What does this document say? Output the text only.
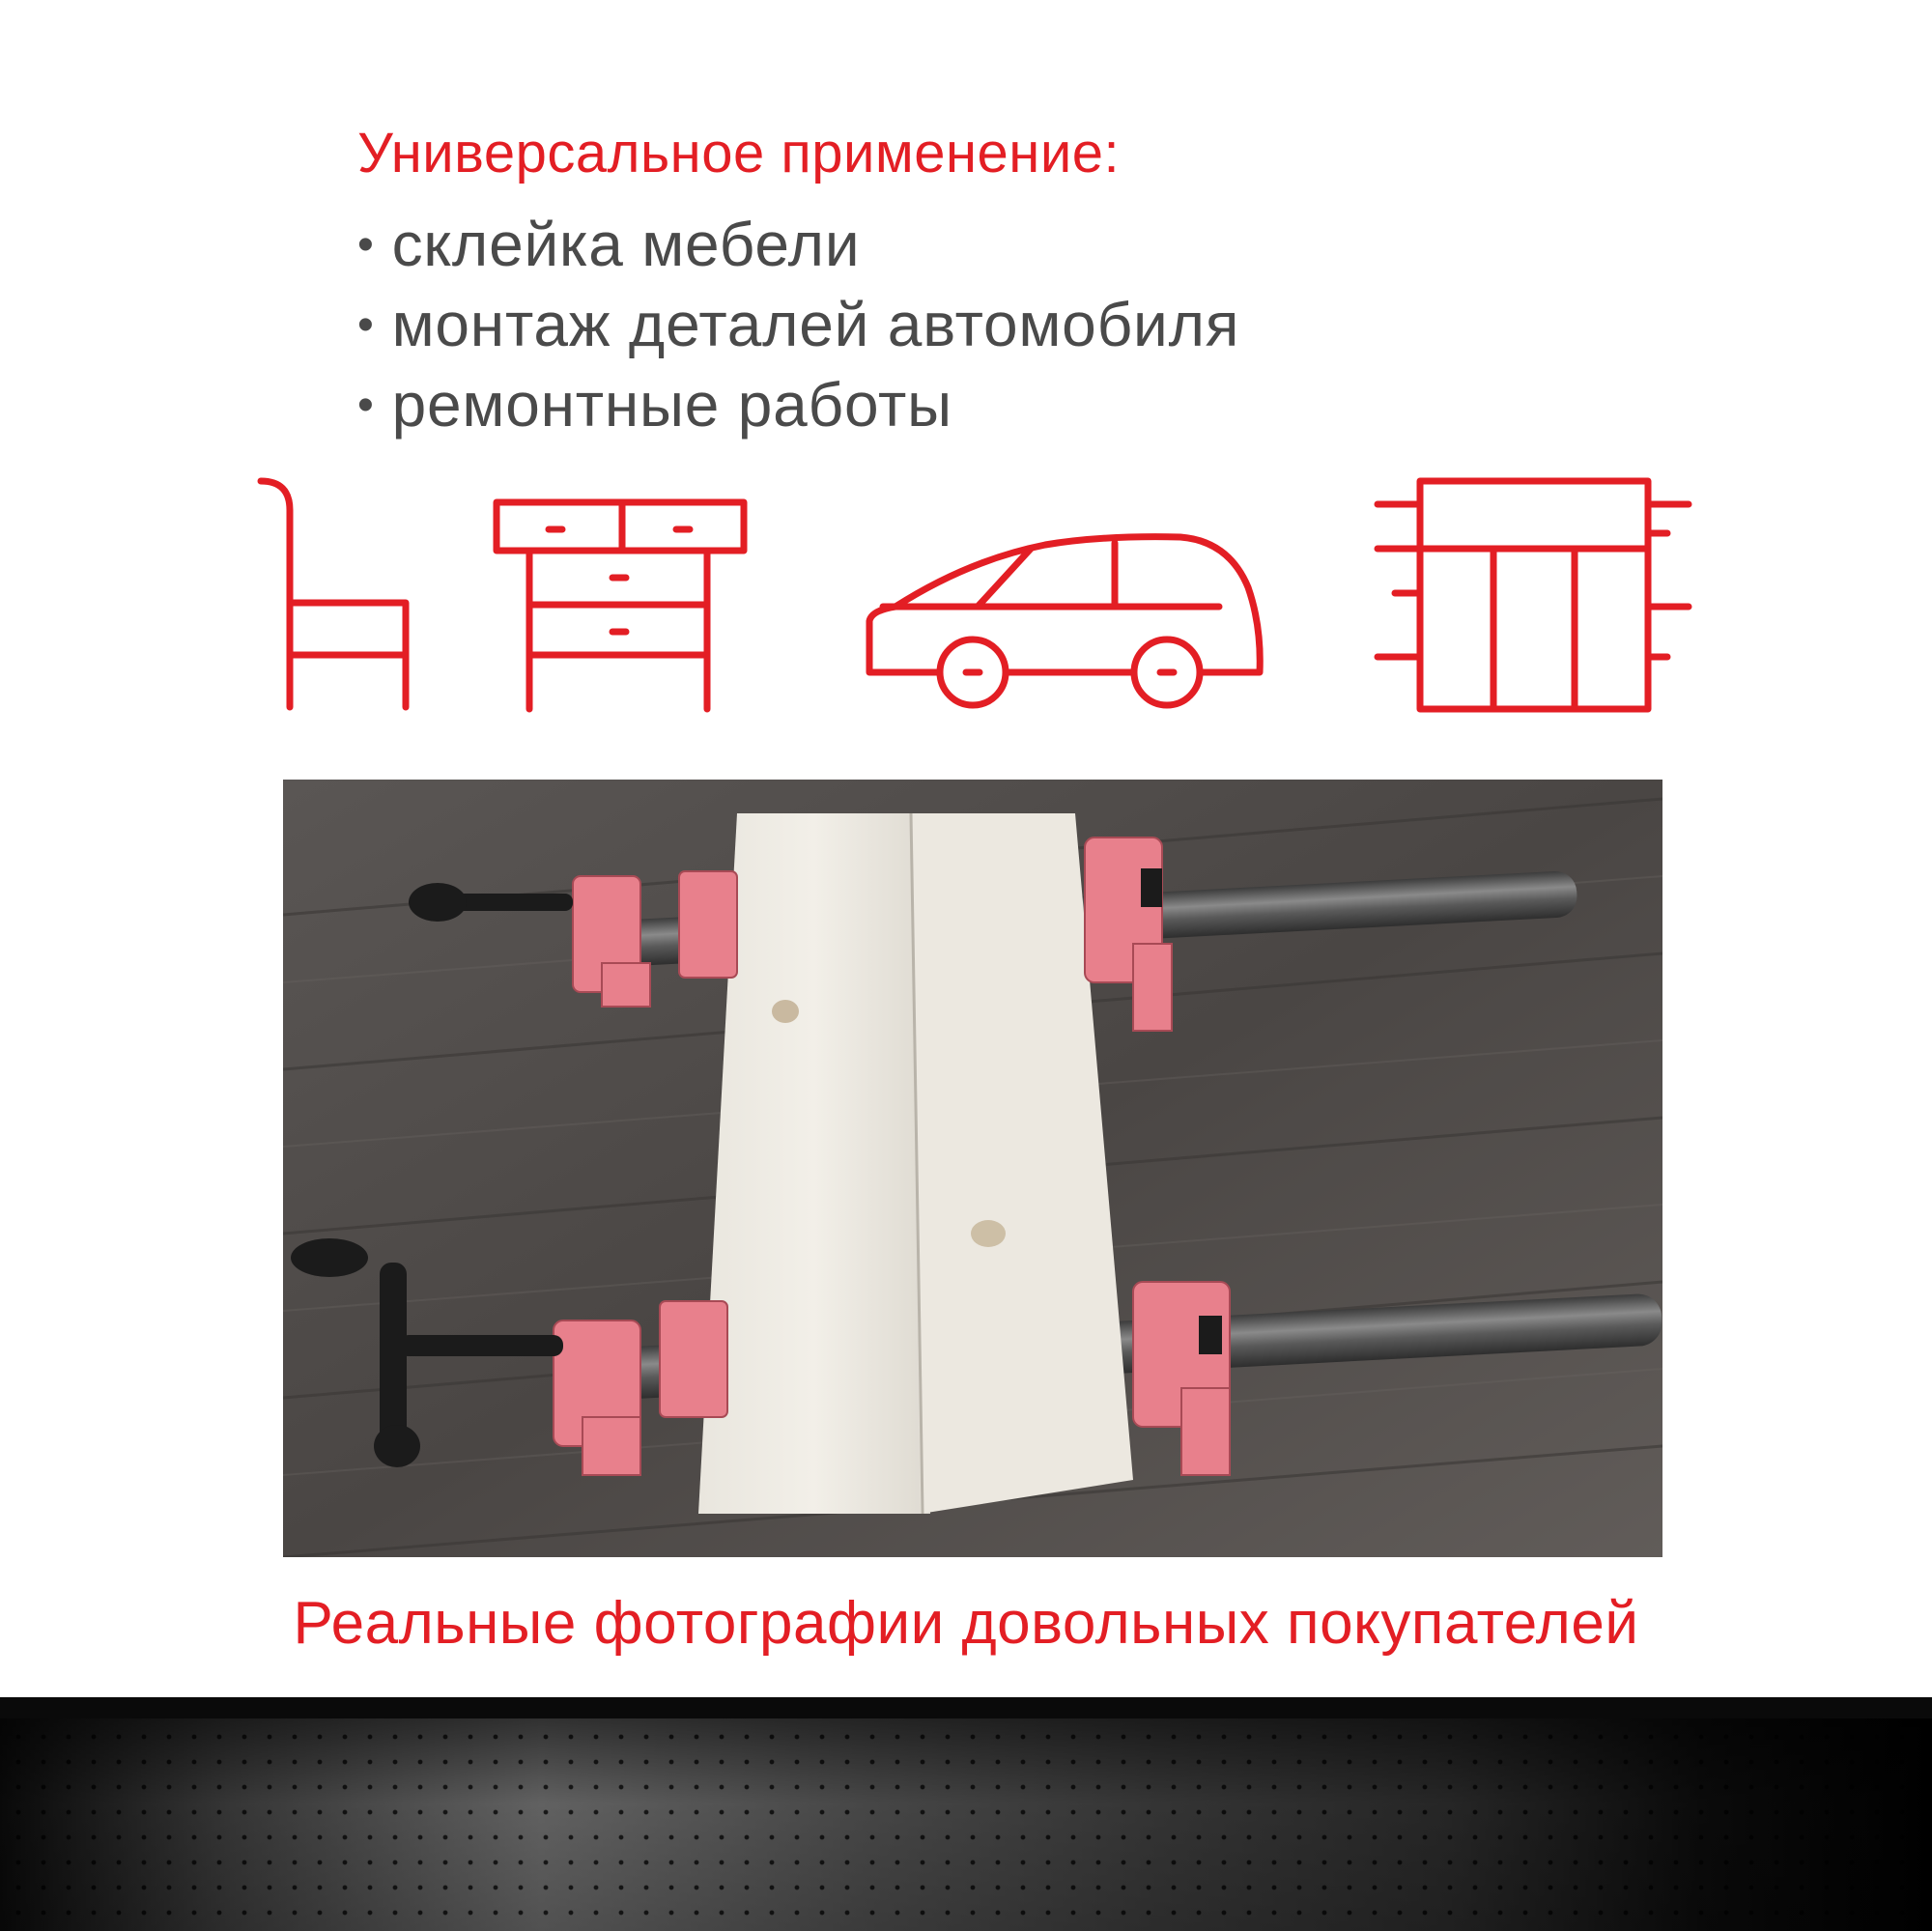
Универсальное применение:
• склейка мебели
• монтаж деталей автомобиля
• ремонтные работы
Реальные фотографии довольных покупателей
